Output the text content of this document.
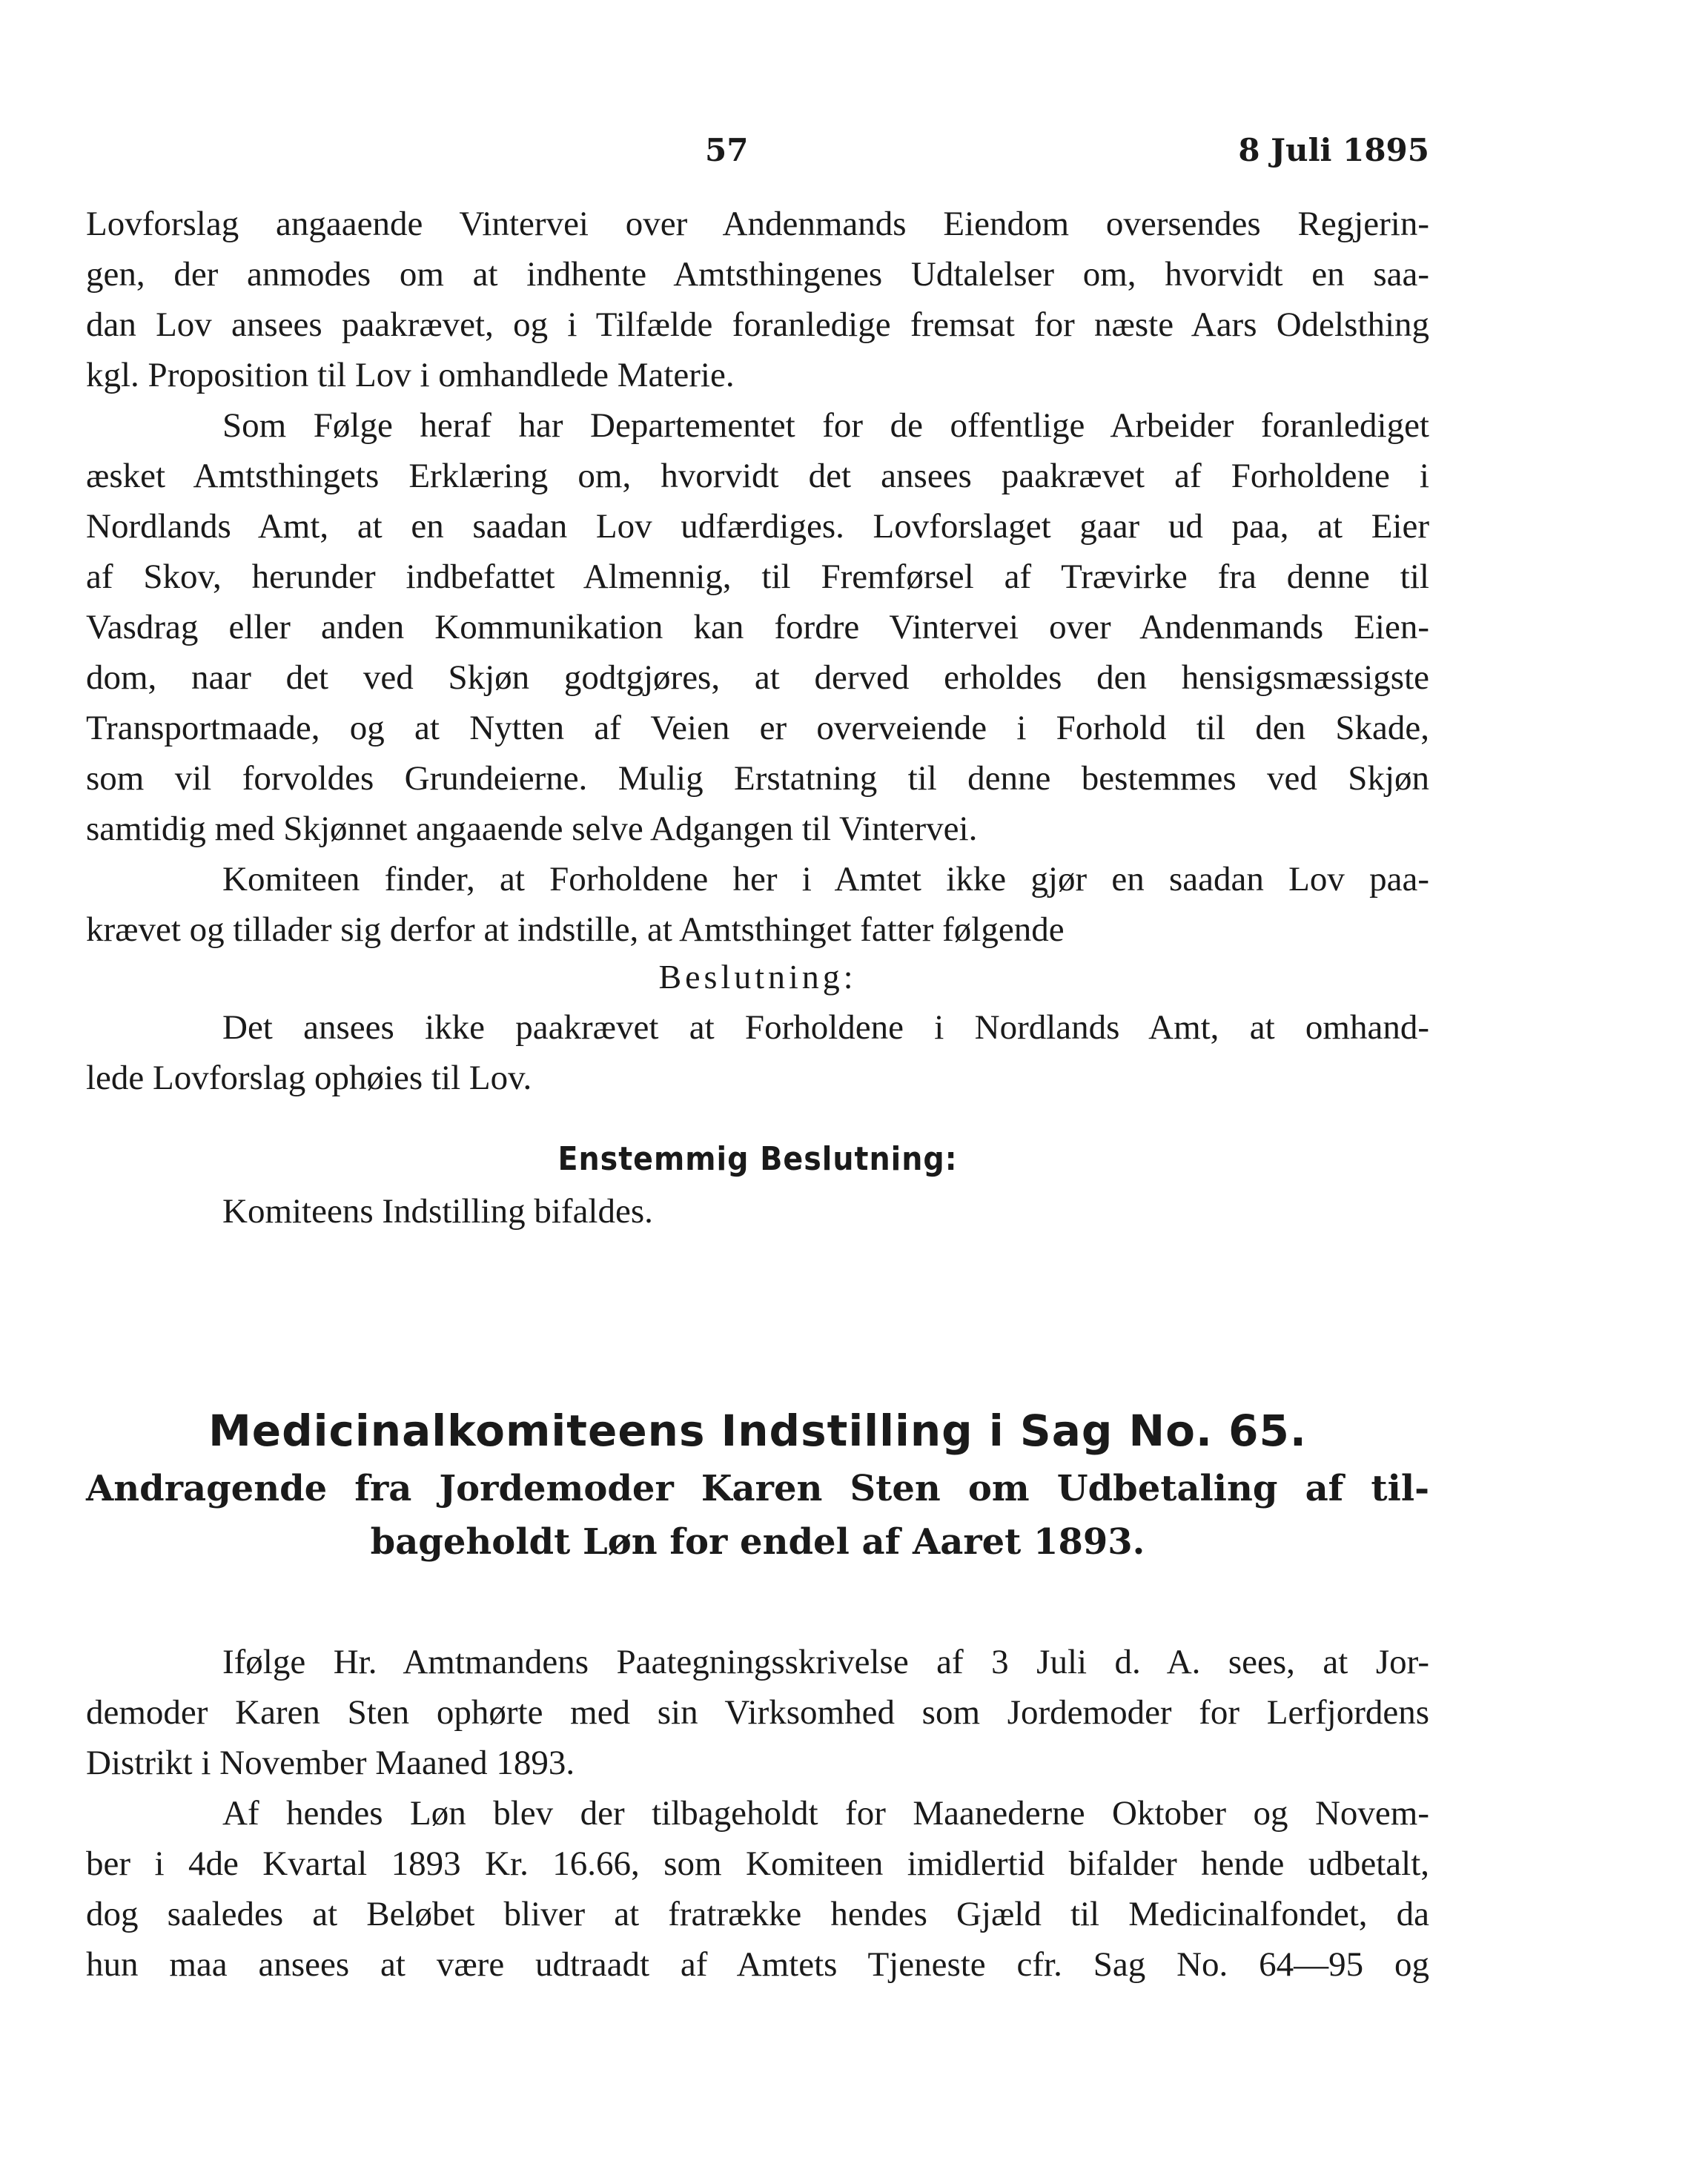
57	8 Juli 1895
Lovforslag angaaende Vintervei over Andenmands Eiendom oversendes Regjerin-
gen, der anmodes om at indhente Amtsthingenes Udtalelser om, hvorvidt en saa-
dan Lov ansees paakrævet, og i Tilfælde foranledige fremsat for næste Aars Odelsthing
kgl. Proposition til Lov i omhandlede Materie.
Som Følge heraf har Departementet for de offentlige Arbeider foranlediget
æsket Amtsthingets Erklæring om, hvorvidt det ansees paakrævet af Forholdene i
Nordlands Amt, at en saadan Lov udfærdiges. Lovforslaget gaar ud paa, at Eier
af Skov, herunder indbefattet Almennig, til Fremførsel af Trævirke fra denne til
Vasdrag eller anden Kommunikation kan fordre Vintervei over Andenmands Eien-
dom, naar det ved Skjøn godtgjøres, at derved erholdes den hensigsmæssigste
Transportmaade, og at Nytten af Veien er overveiende i Forhold til den Skade,
som vil forvoldes Grundeierne. Mulig Erstatning til denne bestemmes ved Skjøn
samtidig med Skjønnet angaaende selve Adgangen til Vintervei.
Komiteen finder, at Forholdene her i Amtet ikke gjør en saadan Lov paa-
krævet og tillader sig derfor at indstille, at Amtsthinget fatter følgende
Beslutning:
Det ansees ikke paakrævet at Forholdene i Nordlands Amt, at omhand-
lede Lovforslag ophøies til Lov.
Enstemmig Beslutning:
Komiteens Indstilling bifaldes.
Medicinalkomiteens Indstilling i Sag No. 65.
Andragende fra Jordemoder Karen Sten om Udbetaling af til-
bageholdt Løn for endel af Aaret 1893.
Ifølge Hr. Amtmandens Paategningsskrivelse af 3 Juli d. A. sees, at Jor-
demoder Karen Sten ophørte med sin Virksomhed som Jordemoder for Lerfjordens
Distrikt i November Maaned 1893.
Af hendes Løn blev der tilbageholdt for Maanederne Oktober og Novem-
ber i 4de Kvartal 1893 Kr. 16.66, som Komiteen imidlertid bifalder hende udbetalt,
dog saaledes at Beløbet bliver at fratrække hendes Gjæld til Medicinalfondet, da
hun maa ansees at være udtraadt af Amtets Tjeneste cfr. Sag No. 64—95 og
